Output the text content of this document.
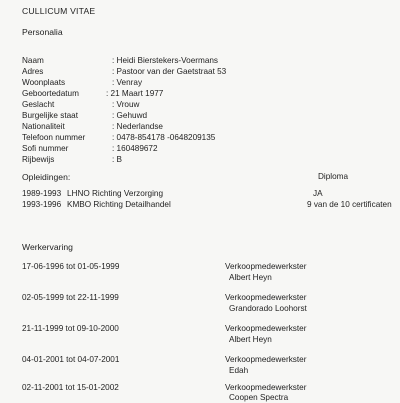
CULLICUM VITAE
Personalia
Naam	: Heidi Bierstekers-Voermans
Adres	: Pastoor van der Gaetstraat 53
Woonplaats	: Venray
Geboortedatum	: 21 Maart 1977
Geslacht	: Vrouw
Burgelijke staat	: Gehuwd
Nationaliteit	: Nederlandse
Telefoon nummer	: 0478-854178 -0648209135
Sofi nummer	: 160489672
Rijbewijs	: B
Opleidingen:	Diploma
1989-1993 LHNO Richting Verzorging	JA
1993-1996 KMBO Richting Detailhandel	9 van de 10 certificaten
Werkervaring
17-06-1996 tot 01-05-1999	Verkoopmedewerkster
Albert Heyn
02-05-1999 tot 22-11-1999	Verkoopmedewerkster
Grandorado Loohorst
21-11-1999 tot 09-10-2000	Verkoopmedewerkster
Albert Heyn
04-01-2001 tot 04-07-2001	Verkoopmedewerkster
Edah
02-11-2001 tot 15-01-2002	Verkoopmedewerkster
Coopen Spectra
